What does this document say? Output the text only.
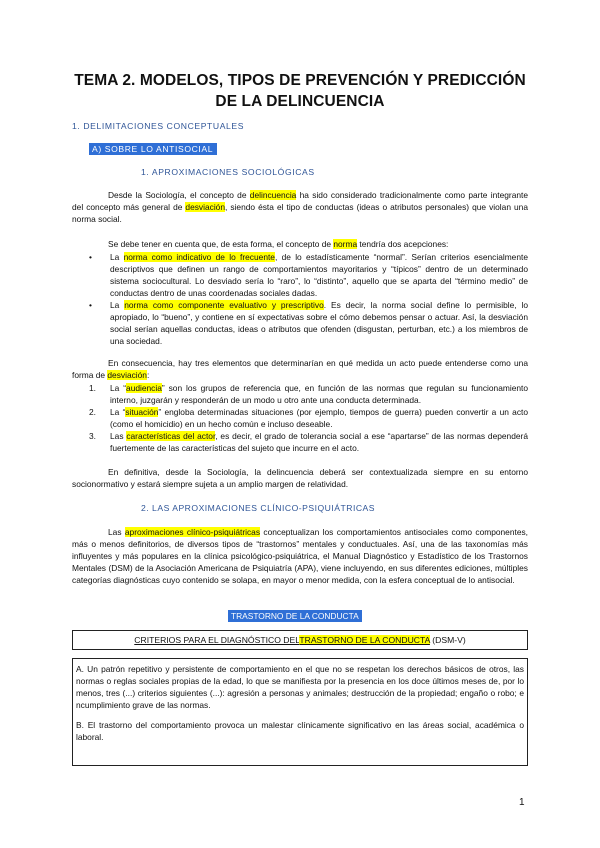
TEMA 2. MODELOS, TIPOS DE PREVENCIÓN Y PREDICCIÓN
DE LA DELINCUENCIA
1. DELIMITACIONES CONCEPTUALES
A) SOBRE LO ANTISOCIAL
1. APROXIMACIONES SOCIOLÓGICAS

Desde la Sociología, el concepto de delincuencia ha sido considerado tradicionalmente como parte integrante del concepto más general de desviación, siendo ésta el tipo de conductas (ideas o atributos personales) que violan una norma social.

Se debe tener en cuenta que, de esta forma, el concepto de norma tendría dos acepciones:

• La norma como indicativo de lo frecuente, de lo estadísticamente “normal”. Serían criterios esencialmente descriptivos que definen un rango de comportamientos mayoritarios y “típicos” dentro de un determinado sistema sociocultural. Lo desviado sería lo “raro”, lo “distinto”, aquello que se aparta del “término medio” de conductas dentro de unas coordenadas sociales dadas.
• La norma como componente evaluativo y prescriptivo. Es decir, la norma social define lo permisible, lo apropiado, lo “bueno”, y contiene en sí expectativas sobre el cómo debemos pensar o actuar. Así, la desviación social serían aquellas conductas, ideas o atributos que ofenden (disgustan, perturban, etc.) a los miembros de una sociedad.

En consecuencia, hay tres elementos que determinarían en qué medida un acto puede entenderse como una forma de desviación:

1. La “audiencia” son los grupos de referencia que, en función de las normas que regulan su funcionamiento interno, juzgarán y responderán de un modo u otro ante una conducta determinada.
2. La “situación” engloba determinadas situaciones (por ejemplo, tiempos de guerra) pueden convertir a un acto (como el homicidio) en un hecho común e incluso deseable.
3. Las características del actor, es decir, el grado de tolerancia social a ese “apartarse” de las normas dependerá fuertemente de las características del sujeto que incurre en el acto.

En definitiva, desde la Sociología, la delincuencia deberá ser contextualizada siempre en su entorno socionormativo y estará siempre sujeta a un amplio margen de relatividad.

2. LAS APROXIMACIONES CLÍNICO-PSIQUIÁTRICAS

Las aproximaciones clínico-psiquiátricas conceptualizan los comportamientos antisociales como componentes, más o menos definitorios, de diversos tipos de “trastornos” mentales y conductuales. Así, una de las taxonomías más influyentes y más populares en la clínica psicológico-psiquiátrica, el Manual Diagnóstico y Estadístico de los Trastornos Mentales (DSM) de la Asociación Americana de Psiquiatría (APA), viene incluyendo, en sus diferentes ediciones, múltiples categorías diagnósticas cuyo contenido se solapa, en mayor o menor medida, con la esfera conceptual de lo antisocial.

TRASTORNO DE LA CONDUCTA
CRITERIOS PARA EL DIAGNÓSTICO DELTRASTORNO DE LA CONDUCTA (DSM-V)

A. Un patrón repetitivo y persistente de comportamiento en el que no se respetan los derechos básicos de otros, las normas o reglas sociales propias de la edad, lo que se manifiesta por la presencia en los doce últimos meses de, por lo menos, tres (...) criterios siguientes (...): agresión a personas y animales; destrucción de la propiedad; engaño o robo; e ncumplimiento grave de las normas.

B. El trastorno del comportamiento provoca un malestar clínicamente significativo en las áreas social, académica o laboral.

1
